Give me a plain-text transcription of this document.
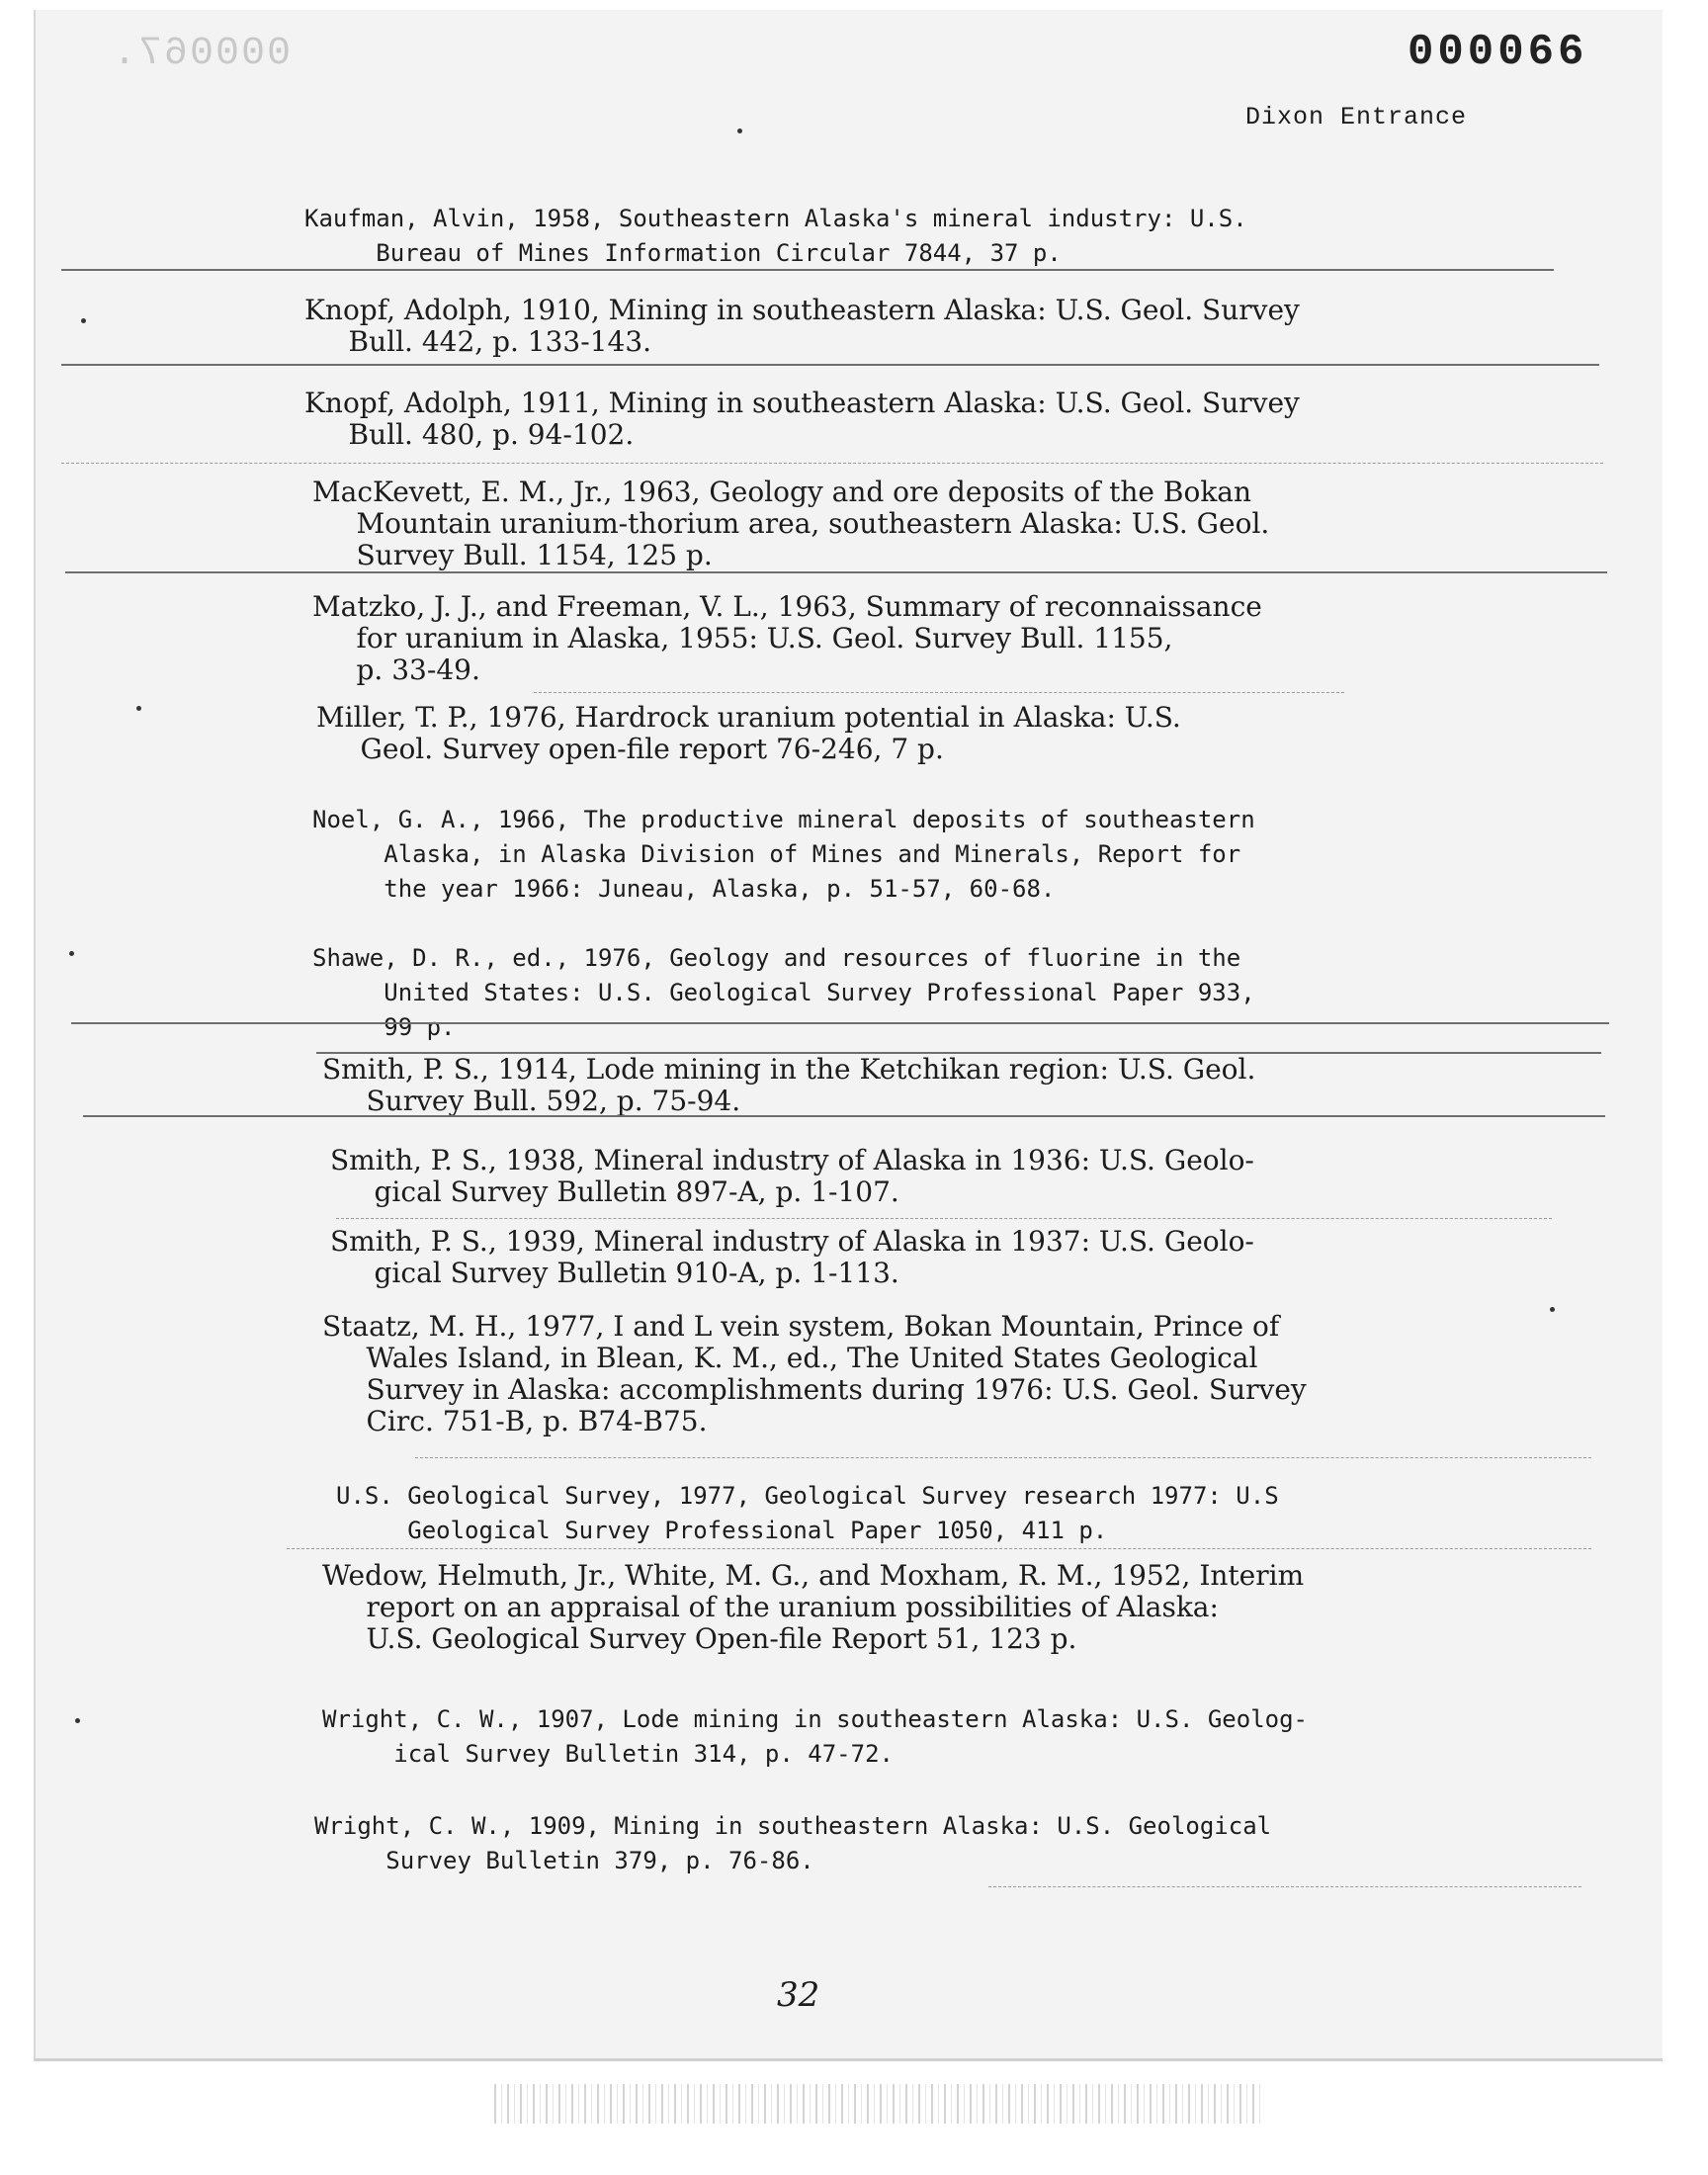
000067.	000066
Dixon Entrance
Kaufman, Alvin, 1958, Southeastern Alaska's mineral industry: U.S.
Bureau of Mines Information Circular 7844, 37 p.
Knopf, Adolph, 1910, Mining in southeastern Alaska: U.S. Geol. Survey
Bull. 442, p. 133-143.
Knopf, Adolph, 1911, Mining in southeastern Alaska: U.S. Geol. Survey
Bull. 480, p. 94-102.
MacKevett, E. M., Jr., 1963, Geology and ore deposits of the Bokan
Mountain uranium-thorium area, southeastern Alaska: U.S. Geol.
Survey Bull. 1154, 125 p.
Matzko, J. J., and Freeman, V. L., 1963, Summary of reconnaissance
for uranium in Alaska, 1955: U.S. Geol. Survey Bull. 1155,
p. 33-49.
Miller, T. P., 1976, Hardrock uranium potential in Alaska: U.S.
Geol. Survey open-file report 76-246, 7 p.
Noel, G. A., 1966, The productive mineral deposits of southeastern
Alaska, in Alaska Division of Mines and Minerals, Report for
the year 1966: Juneau, Alaska, p. 51-57, 60-68.
Shawe, D. R., ed., 1976, Geology and resources of fluorine in the
United States: U.S. Geological Survey Professional Paper 933,
99 p.
Smith, P. S., 1914, Lode mining in the Ketchikan region: U.S. Geol.
Survey Bull. 592, p. 75-94.
Smith, P. S., 1938, Mineral industry of Alaska in 1936: U.S. Geolo-
gical Survey Bulletin 897-A, p. 1-107.
Smith, P. S., 1939, Mineral industry of Alaska in 1937: U.S. Geolo-
gical Survey Bulletin 910-A, p. 1-113.
Staatz, M. H., 1977, I and L vein system, Bokan Mountain, Prince of
Wales Island, in Blean, K. M., ed., The United States Geological
Survey in Alaska: accomplishments during 1976: U.S. Geol. Survey
Circ. 751-B, p. B74-B75.
U.S. Geological Survey, 1977, Geological Survey research 1977: U.S
Geological Survey Professional Paper 1050, 411 p.
Wedow, Helmuth, Jr., White, M. G., and Moxham, R. M., 1952, Interim
report on an appraisal of the uranium possibilities of Alaska:
U.S. Geological Survey Open-file Report 51, 123 p.
Wright, C. W., 1907, Lode mining in southeastern Alaska: U.S. Geolog-
ical Survey Bulletin 314, p. 47-72.
Wright, C. W., 1909, Mining in southeastern Alaska: U.S. Geological
Survey Bulletin 379, p. 76-86.
32
